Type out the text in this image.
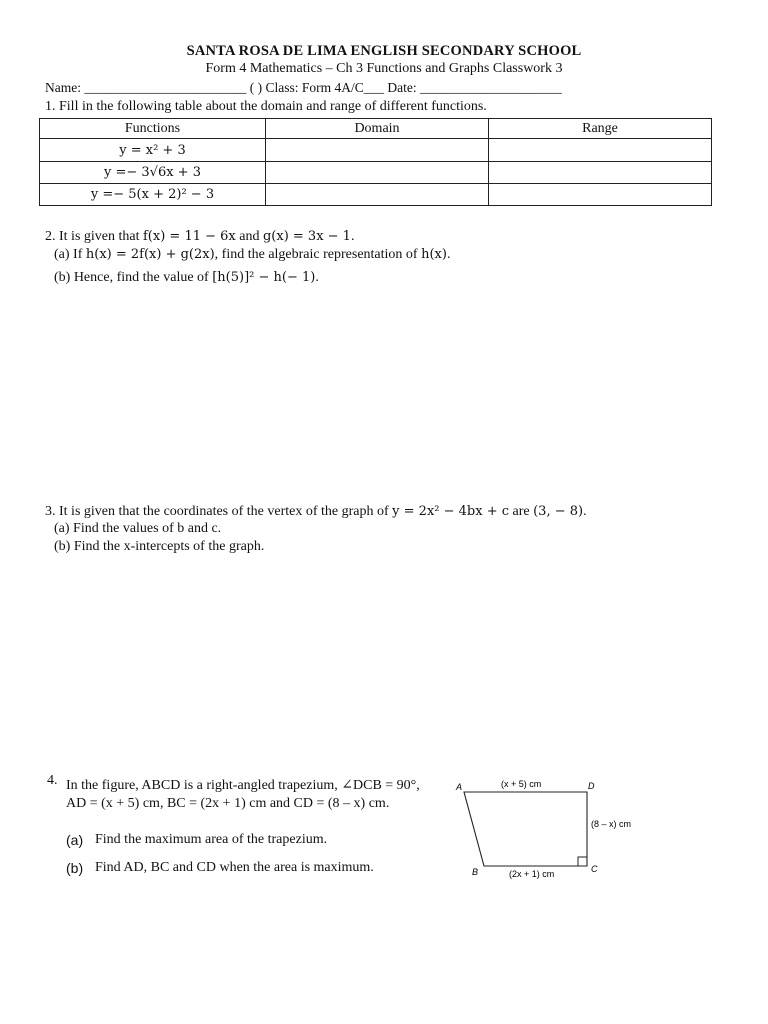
SANTA ROSA DE LIMA ENGLISH SECONDARY SCHOOL
Form 4 Mathematics – Ch 3 Functions and Graphs Classwork 3
Name: ________________________ ( ) Class: Form 4A/C___ Date: _____________________
1. Fill in the following table about the domain and range of different functions.
Functions	Domain	Range
y = x² + 3		
y =− 3√6x + 3		
y =− 5(x + 2)² − 3		
2. It is given that f(x) = 11 − 6x and g(x) = 3x − 1.
(a) If h(x) = 2f(x) + g(2x), find the algebraic representation of h(x).
(b) Hence, find the value of [h(5)]² − h(− 1).
3. It is given that the coordinates of the vertex of the graph of y = 2x² − 4bx + c are (3, − 8).
(a) Find the values of b and c.
(b) Find the x-intercepts of the graph.
4. In the figure, ABCD is a right-angled trapezium, ∠DCB = 90°,
AD = (x + 5) cm, BC = (2x + 1) cm and CD = (8 – x) cm.
(a) Find the maximum area of the trapezium.
(b) Find AD, BC and CD when the area is maximum.
A	D
B	C
(x + 5) cm
(2x + 1) cm
(8 – x) cm
